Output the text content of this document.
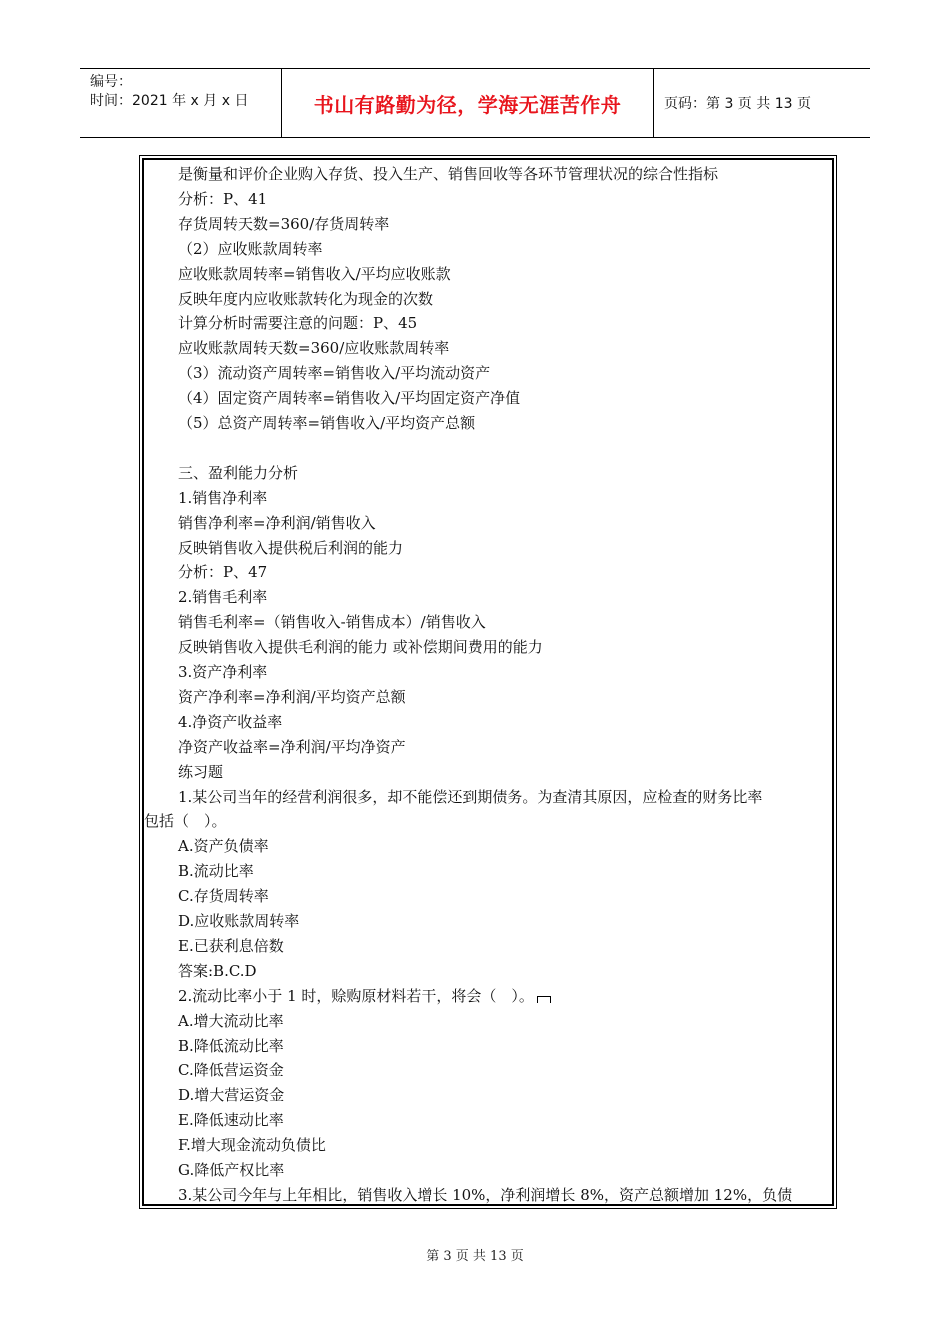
编号：
时间：2021 年 x 月 x 日	书山有路勤为径，学海无涯苦作舟	页码：第 3 页 共 13 页
是衡量和评价企业购入存货、投入生产、销售回收等各环节管理状况的综合性指标
分析：P、41
存货周转天数=360/存货周转率
（2）应收账款周转率
应收账款周转率=销售收入/平均应收账款
反映年度内应收账款转化为现金的次数
计算分析时需要注意的问题：P、45
应收账款周转天数=360/应收账款周转率
（3）流动资产周转率=销售收入/平均流动资产
（4）固定资产周转率=销售收入/平均固定资产净值
（5）总资产周转率=销售收入/平均资产总额
三、盈利能力分析
1.销售净利率
销售净利率=净利润/销售收入
反映销售收入提供税后利润的能力
分析：P、47
2.销售毛利率
销售毛利率=（销售收入-销售成本）/销售收入
反映销售收入提供毛利润的能力 或补偿期间费用的能力
3.资产净利率
资产净利率=净利润/平均资产总额
4.净资产收益率
净资产收益率=净利润/平均净资产
练习题
1.某公司当年的经营利润很多，却不能偿还到期债务。为查清其原因，应检查的财务比率
包括（　）。
A.资产负债率
B.流动比率
C.存货周转率
D.应收账款周转率
E.已获利息倍数
答案:B.C.D
2.流动比率小于 1 时，赊购原材料若干，将会（　）。
A.增大流动比率
B.降低流动比率
C.降低营运资金
D.增大营运资金
E.降低速动比率
F.增大现金流动负债比
G.降低产权比率
3.某公司今年与上年相比，销售收入增长 10%，净利润增长 8%，资产总额增加 12%，负债
第 3 页 共 13 页
